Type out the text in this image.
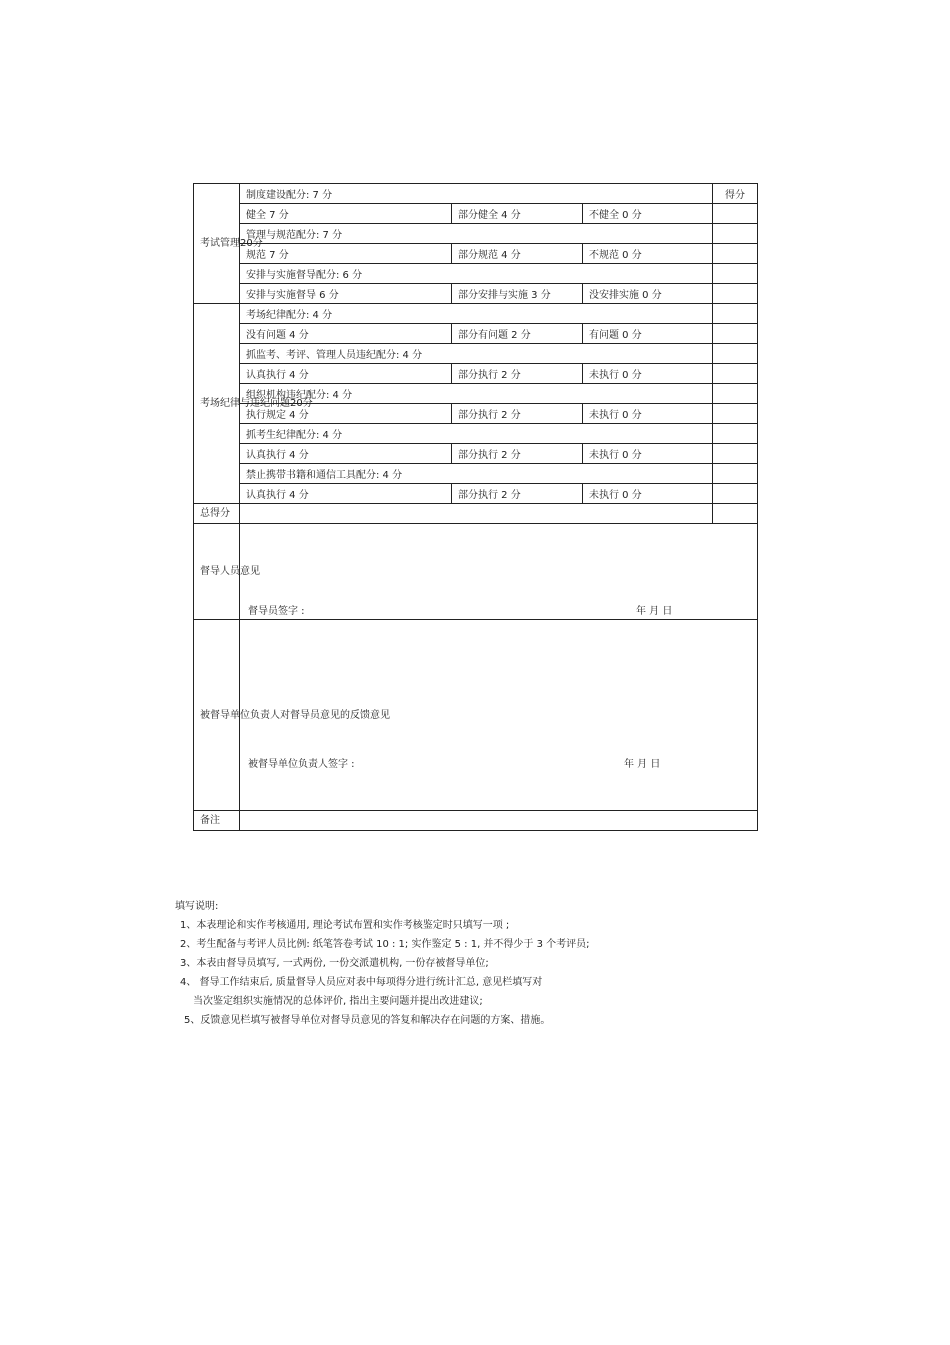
考试管理20分	制度建设配分: 7 分			得分
	健全 7 分	部分健全 4 分	不健全 0 分	
	管理与规范配分: 7 分			
	规范 7 分	部分规范 4 分	不规范 0 分	
	安排与实施督导配分: 6 分			
	安排与实施督导 6 分	部分安排与实施 3 分	没安排实施 0 分	
考场纪律与违纪问题20分	考场纪律配分: 4 分			
	没有问题 4 分	部分有问题 2 分	有问题 0 分	
	抓监考、考评、管理人员违纪配分: 4 分			
	认真执行 4 分	部分执行 2 分	未执行 0 分	
	组织机构违纪配分: 4 分			
	执行规定 4 分	部分执行 2 分	未执行 0 分	
	抓考生纪律配分: 4 分			
	认真执行 4 分	部分执行 2 分	未执行 0 分	
	禁止携带书籍和通信工具配分: 4 分			
	认真执行 4 分	部分执行 2 分	未执行 0 分	
总得分				
督导人员意见	督导员签字 : 年 月 日			

被督导单位负责人对督导员意见的反馈意见	被督导单位负责人签字 : 年 月 日			

备注				
填写说明:
1、本表理论和实作考核通用, 理论考试布置和实作考核鉴定时只填写一项 ;
2、考生配备与考评人员比例: 纸笔答卷考试 10 : 1; 实作鉴定 5 : 1, 并不得少于 3 个考评员;
3、本表由督导员填写, 一式两份, 一份交派遣机构, 一份存被督导单位;
4、 督导工作结束后, 质量督导人员应对表中每项得分进行统计汇总, 意见栏填写对
当次鉴定组织实施情况的总体评价, 指出主要问题并提出改进建议;
5、反馈意见栏填写被督导单位对督导员意见的答复和解决存在问题的方案、措施。
